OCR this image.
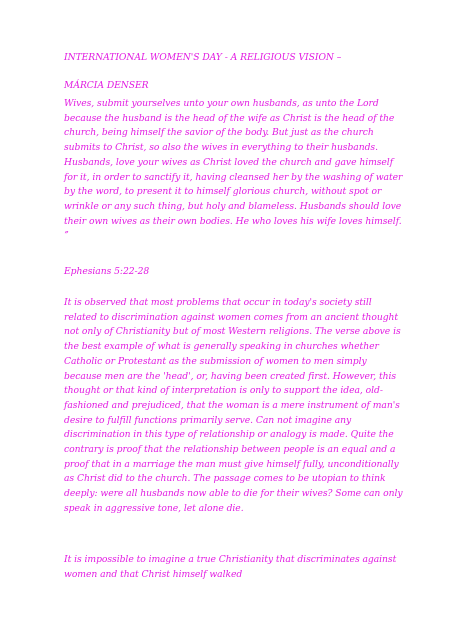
INTERNATIONAL WOMEN'S DAY - A RELIGIOUS VISION –
MÁRCIA DENSER
Wives, submit yourselves unto your own husbands, as unto the Lord because the husband is the head of the wife as Christ is the head of the church, being himself the savior of the body. But just as the church submits to Christ, so also the wives in everything to their husbands. Husbands, love your wives as Christ loved the church and gave himself for it, in order to sanctify it, having cleansed her by the washing of water by the word, to present it to himself glorious church, without spot or wrinkle or any such thing, but holy and blameless. Husbands should love their own wives as their own bodies. He who loves his wife loves himself. ˮ
Ephesians 5:22-28
It is observed that most problems that occur in today's society still related to discrimination against women comes from an ancient thought not only of Christianity but of most Western religions. The verse above is the best example of what is generally speaking in churches whether Catholic or Protestant as the submission of women to men simply because men are the 'head', or, having been created first. However, this thought or that kind of interpretation is only to support the idea, old-fashioned and prejudiced, that the woman is a mere instrument of man's desire to fulfill functions primarily serve. Can not imagine any discrimination in this type of relationship or analogy is made. Quite the contrary is proof that the relationship between people is an equal and a proof that in a marriage the man must give himself fully, unconditionally as Christ did to the church. The passage comes to be utopian to think deeply: were all husbands now able to die for their wives? Some can only speak in aggressive tone, let alone die.
It is impossible to imagine a true Christianity that discriminates against women and that Christ himself walked
